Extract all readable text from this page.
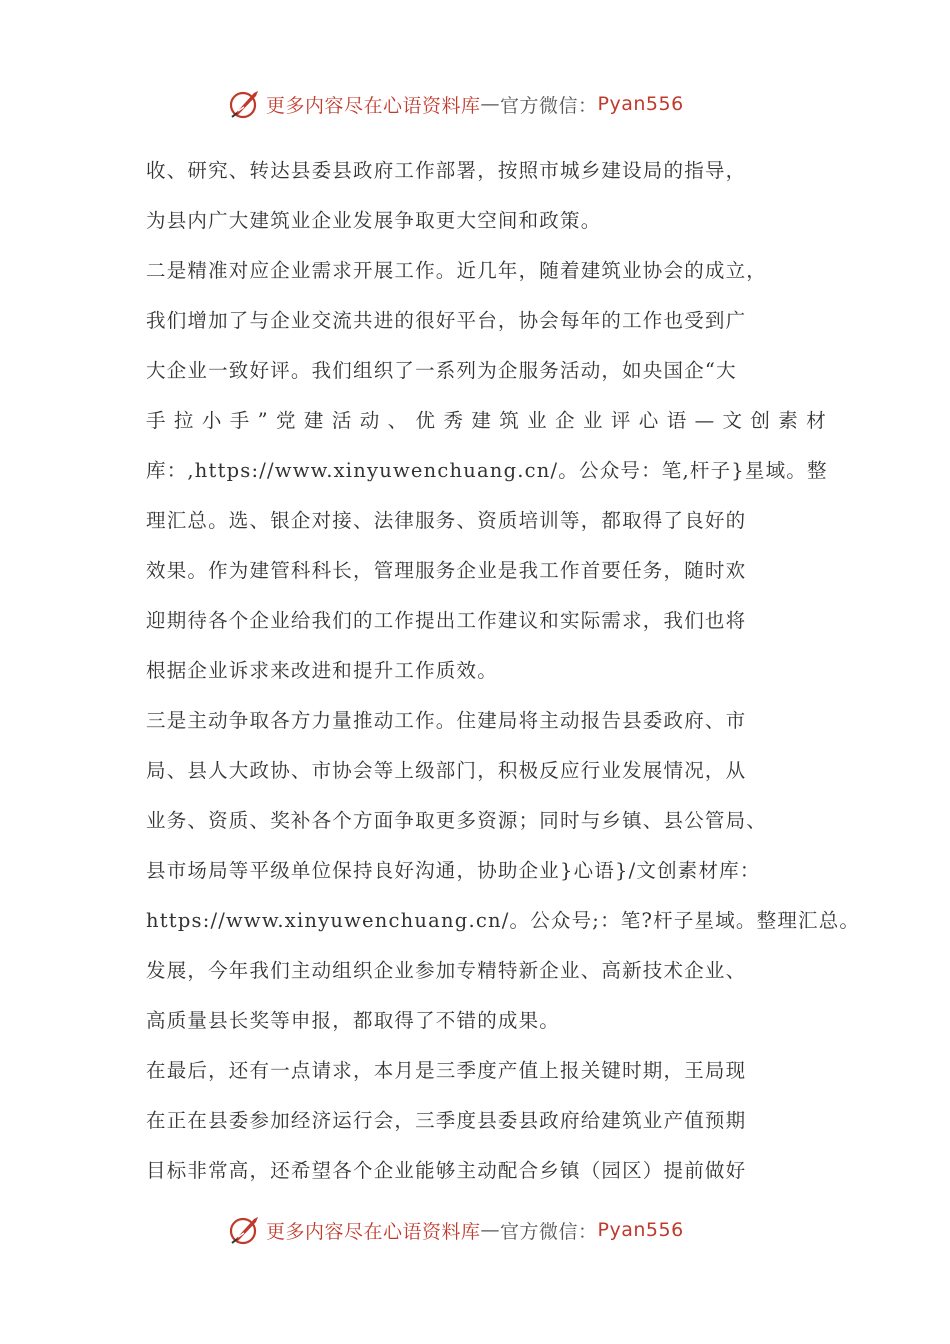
更多内容尽在心语资料库 — 官方微信： Pyan556
收、研究、转达县委县政府工作部署，按照市城乡建设局的指导，
为县内广大建筑业企业发展争取更大空间和政策。
二是精准对应企业需求开展工作。近几年，随着建筑业协会的成立，
我们增加了与企业交流共进的很好平台，协会每年的工作也受到广
大企业一致好评。我们组织了一系列为企服务活动，如央国企“大
手 拉 小 手 ” 党 建 活 动 、 优 秀 建 筑 业 企 业 评 心 语 — 文 创 素 材
库：,https://www.xinyuwenchuang.cn/。公众号：笔,杆子}星域。整
理汇总。选、银企对接、法律服务、资质培训等，都取得了良好的
效果。作为建管科科长，管理服务企业是我工作首要任务，随时欢
迎期待各个企业给我们的工作提出工作建议和实际需求，我们也将
根据企业诉求来改进和提升工作质效。
三是主动争取各方力量推动工作。住建局将主动报告县委政府、市
局、县人大政协、市协会等上级部门，积极反应行业发展情况，从
业务、资质、奖补各个方面争取更多资源；同时与乡镇、县公管局、
县市场局等平级单位保持良好沟通，协助企业}心语}/文创素材库：
https://www.xinyuwenchuang.cn/。公众号;：笔?杆子星域。整理汇总。
发展，今年我们主动组织企业参加专精特新企业、高新技术企业、
高质量县长奖等申报，都取得了不错的成果。
在最后，还有一点请求，本月是三季度产值上报关键时期，王局现
在正在县委参加经济运行会，三季度县委县政府给建筑业产值预期
目标非常高，还希望各个企业能够主动配合乡镇（园区）提前做好
更多内容尽在心语资料库 — 官方微信： Pyan556
